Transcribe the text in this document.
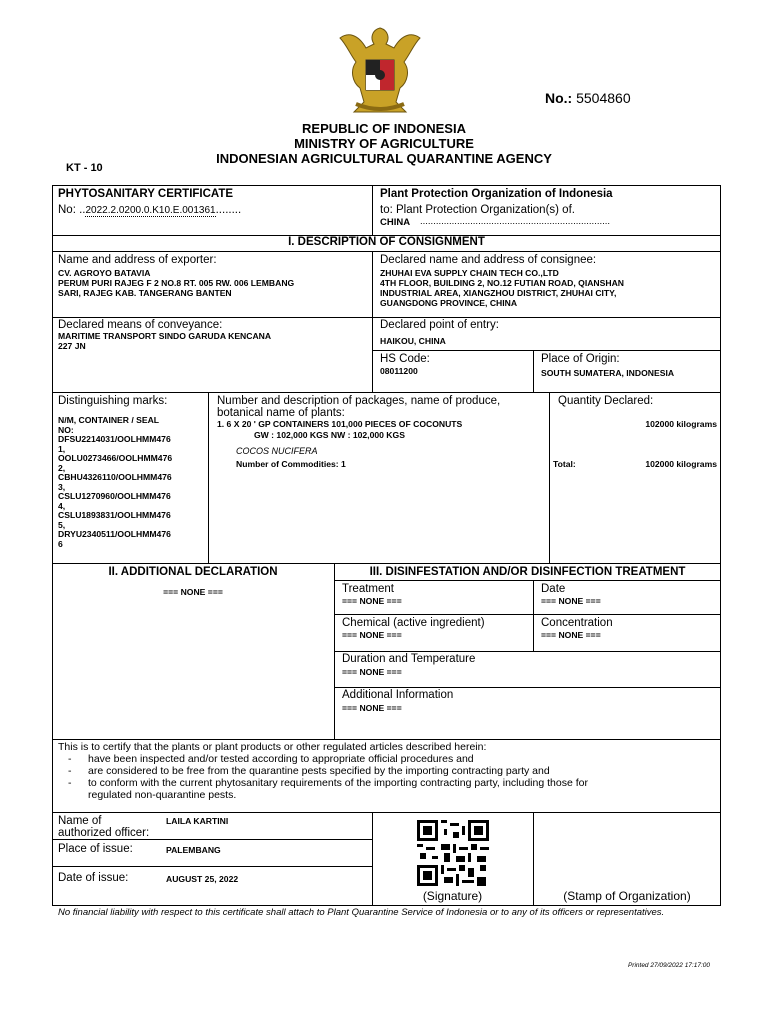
No.: 5504860
REPUBLIC OF INDONESIA
MINISTRY OF AGRICULTURE
INDONESIAN AGRICULTURAL QUARANTINE AGENCY
KT - 10
PHYTOSANITARY CERTIFICATE
No: ..2022.2.0200.0.K10.E.001361........
Plant Protection Organization of Indonesia
to: Plant Protection Organization(s) of.
CHINA ........................................................................
I. DESCRIPTION OF CONSIGNMENT
Name and address of exporter:
CV. AGROYO BATAVIA
PERUM PURI RAJEG F 2 NO.8 RT. 005 RW. 006 LEMBANG
SARI, RAJEG KAB. TANGERANG BANTEN
Declared name and address of consignee:
ZHUHAI EVA SUPPLY CHAIN TECH CO.,LTD
4TH FLOOR, BUILDING 2, NO.12 FUTIAN ROAD, QIANSHAN
INDUSTRIAL AREA, XIANGZHOU DISTRICT, ZHUHAI CITY,
GUANGDONG PROVINCE, CHINA
Declared means of conveyance:
MARITIME TRANSPORT SINDO GARUDA KENCANA
227 JN
Declared point of entry:
HAIKOU, CHINA
HS Code:
08011200
Place of Origin:
SOUTH SUMATERA, INDONESIA
Distinguishing marks:
N/M, CONTAINER / SEAL
NO:
DFSU2214031/OOLHMM476
1,
OOLU0273466/OOLHMM476
2,
CBHU4326110/OOLHMM476
3,
CSLU1270960/OOLHMM476
4,
CSLU1893831/OOLHMM476
5,
DRYU2340511/OOLHMM476
6
Number and description of packages, name of produce,
botanical name of plants:
1. 6 X 20 ' GP CONTAINERS 101,000 PIECES OF COCONUTS
GW : 102,000 KGS NW : 102,000 KGS
COCOS NUCIFERA
Number of Commodities: 1
Quantity Declared:
102000 kilograms
Total:	102000 kilograms
II. ADDITIONAL DECLARATION
=== NONE ===
III. DISINFESTATION AND/OR DISINFECTION TREATMENT
Treatment
=== NONE ===
Date
=== NONE ===
Chemical (active ingredient)
=== NONE ===
Concentration
=== NONE ===
Duration and Temperature
=== NONE ===
Additional Information
=== NONE ===
This is to certify that the plants or plant products or other regulated articles described herein:
- have been inspected and/or tested according to appropriate official procedures and
- are considered to be free from the quarantine pests specified by the importing contracting party and
- to conform with the current phytosanitary requirements of the importing contracting party, including those for
regulated non-quarantine pests.
Name of
authorized officer:
LAILA KARTINI
Place of issue:	PALEMBANG
Date of issue:	AUGUST 25, 2022
(Signature)	(Stamp of Organization)
No financial liability with respect to this certificate shall attach to Plant Quarantine Service of Indonesia or to any of its officers or representatives.
Printed 27/09/2022 17:17:00
